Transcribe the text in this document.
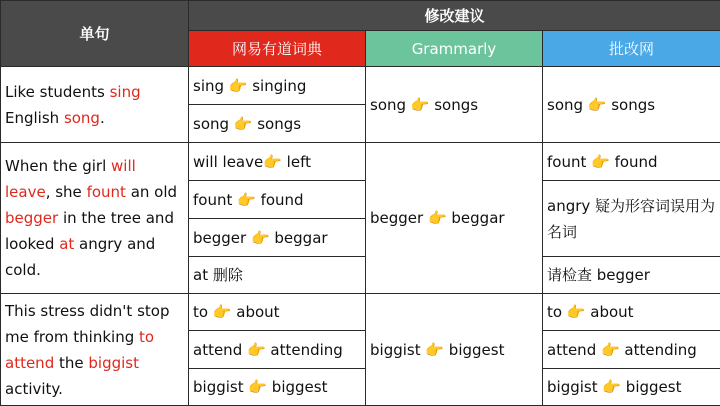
单句	修改建议		
	网易有道词典	Grammarly	批改网
Like students sing English song.	sing 👉 singing	song 👉 songs	song 👉 songs
	song 👉 songs		
When the girl will leave, she fount an old begger in the tree and looked at angry and cold.	will leave👉 left	begger 👉 beggar	fount 👉 found
	fount 👉 found		angry 疑为形容词误用为名词
	begger 👉 beggar		
	at 删除		请检查 begger
This stress didn't stop me from thinking to attend the biggist activity.	to 👉 about	biggist 👉 biggest	to 👉 about
	attend 👉 attending		attend 👉 attending
	biggist 👉 biggest		biggist 👉 biggest
